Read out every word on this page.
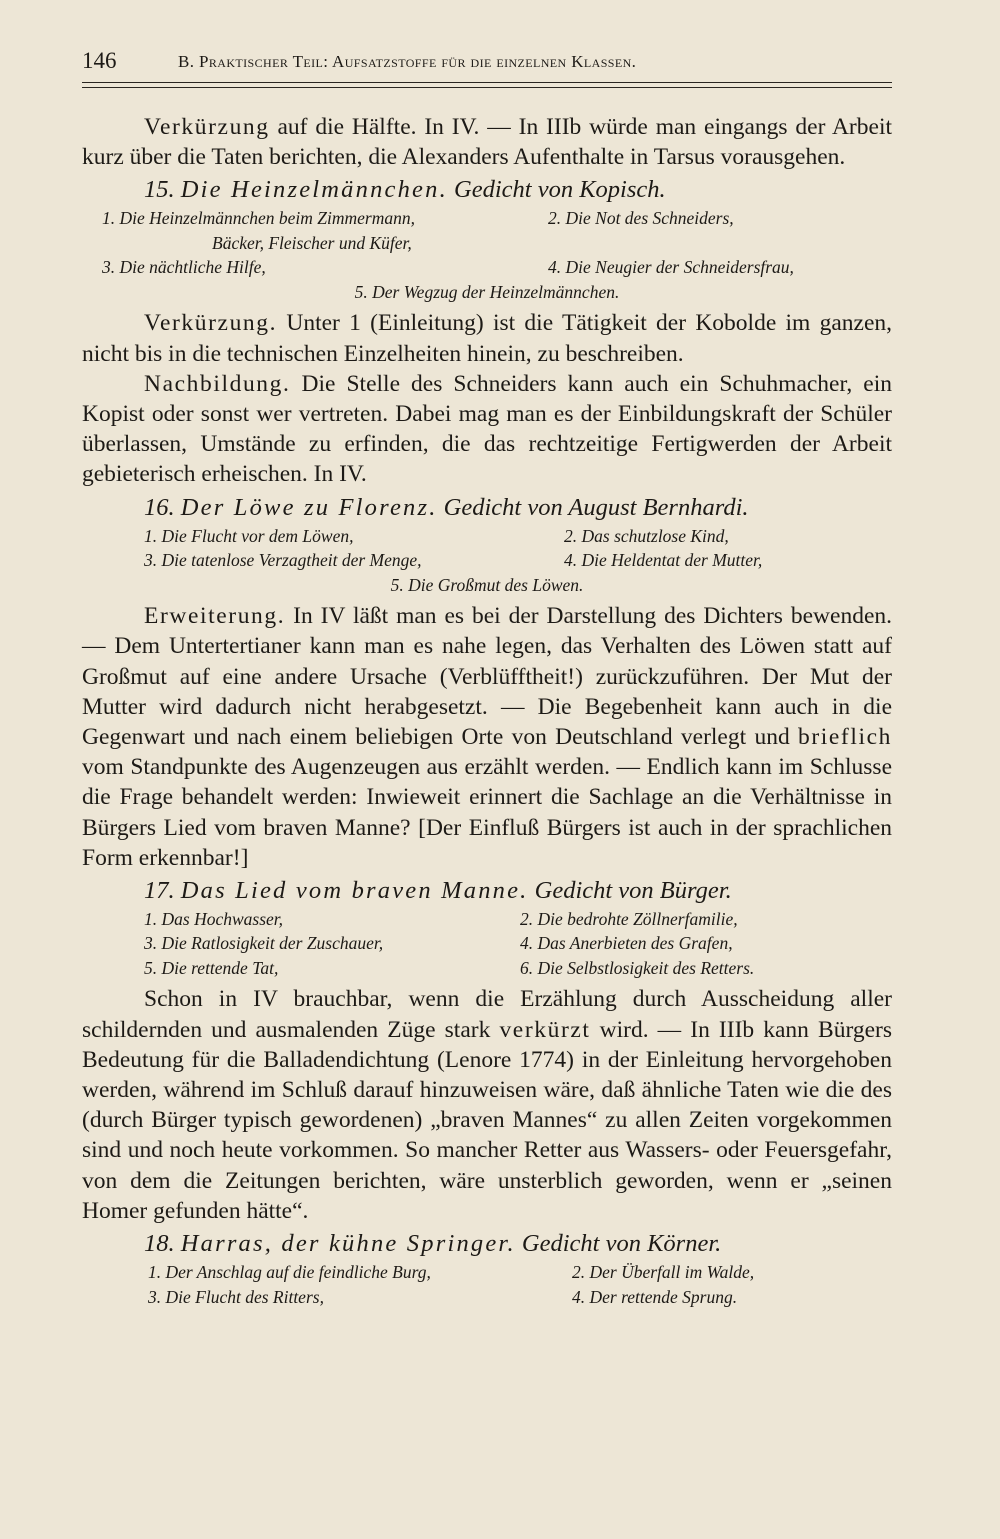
146	B. Praktischer Teil: Aufsatzstoffe für die einzelnen Klassen.

Verkürzung auf die Hälfte. In IV. — In IIIb würde man eingangs der Arbeit kurz über die Taten berichten, die Alexanders Aufenthalte in Tarsus vorausgehen.

15. Die Heinzelmännchen. Gedicht von Kopisch.
1. Die Heinzelmännchen beim Zimmermann,	2. Die Not des Schneiders,
Bäcker, Fleischer und Küfer,
3. Die nächtliche Hilfe,	4. Die Neugier der Schneidersfrau,
5. Der Wegzug der Heinzelmännchen.

Verkürzung. Unter 1 (Einleitung) ist die Tätigkeit der Kobolde im ganzen, nicht bis in die technischen Einzelheiten hinein, zu beschreiben.

Nachbildung. Die Stelle des Schneiders kann auch ein Schuhmacher, ein Kopist oder sonst wer vertreten. Dabei mag man es der Einbildungskraft der Schüler überlassen, Umstände zu erfinden, die das rechtzeitige Fertigwerden der Arbeit gebieterisch erheischen. In IV.

16. Der Löwe zu Florenz. Gedicht von August Bernhardi.
1. Die Flucht vor dem Löwen,	2. Das schutzlose Kind,
3. Die tatenlose Verzagtheit der Menge,	4. Die Heldentat der Mutter,
5. Die Großmut des Löwen.

Erweiterung. In IV läßt man es bei der Darstellung des Dichters bewenden. — Dem Untertertianer kann man es nahe legen, das Verhalten des Löwen statt auf Großmut auf eine andere Ursache (Verblüfftheit!) zurückzuführen. Der Mut der Mutter wird dadurch nicht herabgesetzt. — Die Begebenheit kann auch in die Gegenwart und nach einem beliebigen Orte von Deutschland verlegt und brieflich vom Standpunkte des Augenzeugen aus erzählt werden. — Endlich kann im Schlusse die Frage behandelt werden: Inwieweit erinnert die Sachlage an die Verhältnisse in Bürgers Lied vom braven Manne? [Der Einfluß Bürgers ist auch in der sprachlichen Form erkennbar!]

17. Das Lied vom braven Manne. Gedicht von Bürger.
1. Das Hochwasser,	2. Die bedrohte Zöllnerfamilie,
3. Die Ratlosigkeit der Zuschauer,	4. Das Anerbieten des Grafen,
5. Die rettende Tat,	6. Die Selbstlosigkeit des Retters.

Schon in IV brauchbar, wenn die Erzählung durch Ausscheidung aller schildernden und ausmalenden Züge stark verkürzt wird. — In IIIb kann Bürgers Bedeutung für die Balladendichtung (Lenore 1774) in der Einleitung hervorgehoben werden, während im Schluß darauf hinzuweisen wäre, daß ähnliche Taten wie die des (durch Bürger typisch gewordenen) „braven Mannes“ zu allen Zeiten vorgekommen sind und noch heute vorkommen. So mancher Retter aus Wassers- oder Feuersgefahr, von dem die Zeitungen berichten, wäre unsterblich geworden, wenn er „seinen Homer gefunden hätte“.

18. Harras, der kühne Springer. Gedicht von Körner.
1. Der Anschlag auf die feindliche Burg,	2. Der Überfall im Walde,
3. Die Flucht des Ritters,	4. Der rettende Sprung.
